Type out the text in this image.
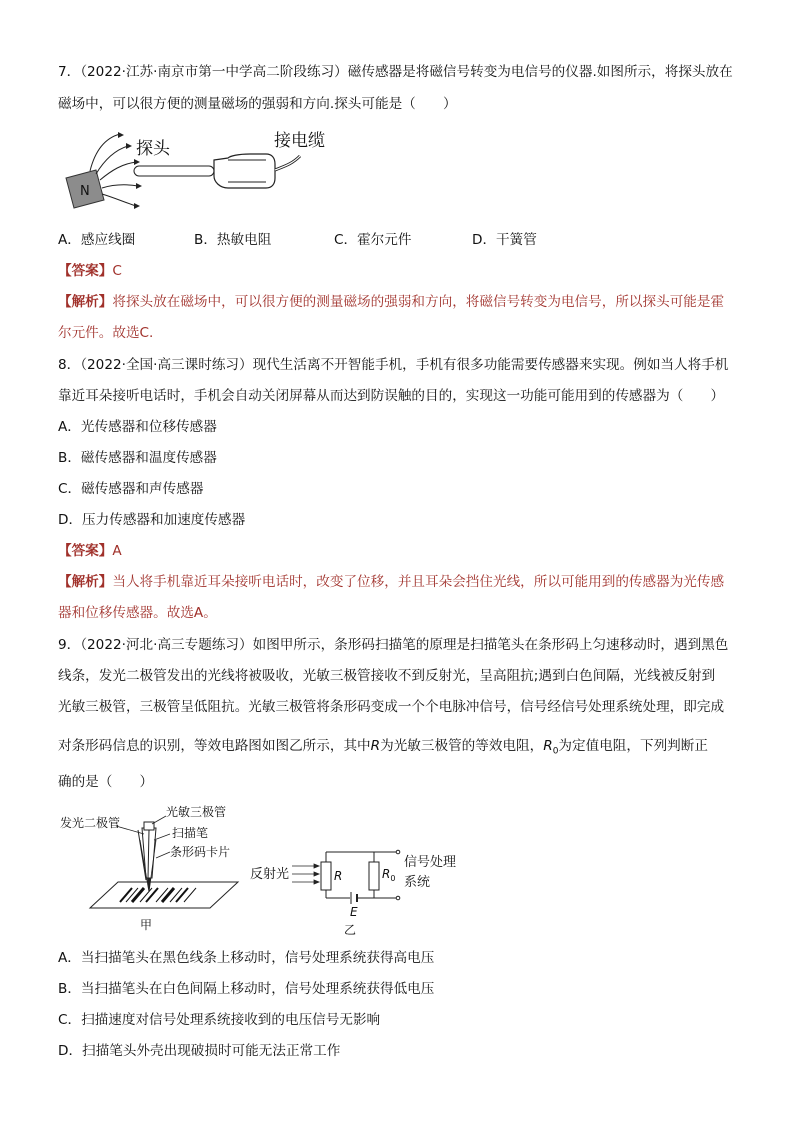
7．（2022·江苏·南京市第一中学高二阶段练习）磁传感器是将磁信号转变为电信号的仪器.如图所示，将探头放在
磁场中，可以很方便的测量磁场的强弱和方向.探头可能是（　　）
N
探头	接电缆
A．感应线圈	B．热敏电阻	C．霍尔元件	D．干簧管
【答案】C
【解析】将探头放在磁场中，可以很方便的测量磁场的强弱和方向，将磁信号转变为电信号，所以探头可能是霍
尔元件。故选C.
8．（2022·全国·高三课时练习）现代生活离不开智能手机，手机有很多功能需要传感器来实现。例如当人将手机
靠近耳朵接听电话时，手机会自动关闭屏幕从而达到防误触的目的，实现这一功能可能用到的传感器为（　　）
A．光传感器和位移传感器
B．磁传感器和温度传感器
C．磁传感器和声传感器
D．压力传感器和加速度传感器
【答案】A
【解析】当人将手机靠近耳朵接听电话时，改变了位移，并且耳朵会挡住光线，所以可能用到的传感器为光传感
器和位移传感器。故选A。
9．（2022·河北·高三专题练习）如图甲所示，条形码扫描笔的原理是扫描笔头在条形码上匀速移动时，遇到黑色
线条，发光二极管发出的光线将被吸收，光敏三极管接收不到反射光，呈高阻抗;遇到白色间隔，光线被反射到
光敏三极管，三极管呈低阻抗。光敏三极管将条形码变成一个个电脉冲信号，信号经信号处理系统处理，即完成
对条形码信息的识别，等效电路图如图乙所示，其中R为光敏三极管的等效电阻，$R_0$为定值电阻，下列判断正
确的是（　　）
发光二极管
光敏三极管
扫描笔
条形码卡片
甲
反射光	R	$R_0$
E
信号处理
系统
乙
A．当扫描笔头在黑色线条上移动时，信号处理系统获得高电压
B．当扫描笔头在白色间隔上移动时，信号处理系统获得低电压
C．扫描速度对信号处理系统接收到的电压信号无影响
D．扫描笔头外壳出现破损时可能无法正常工作
